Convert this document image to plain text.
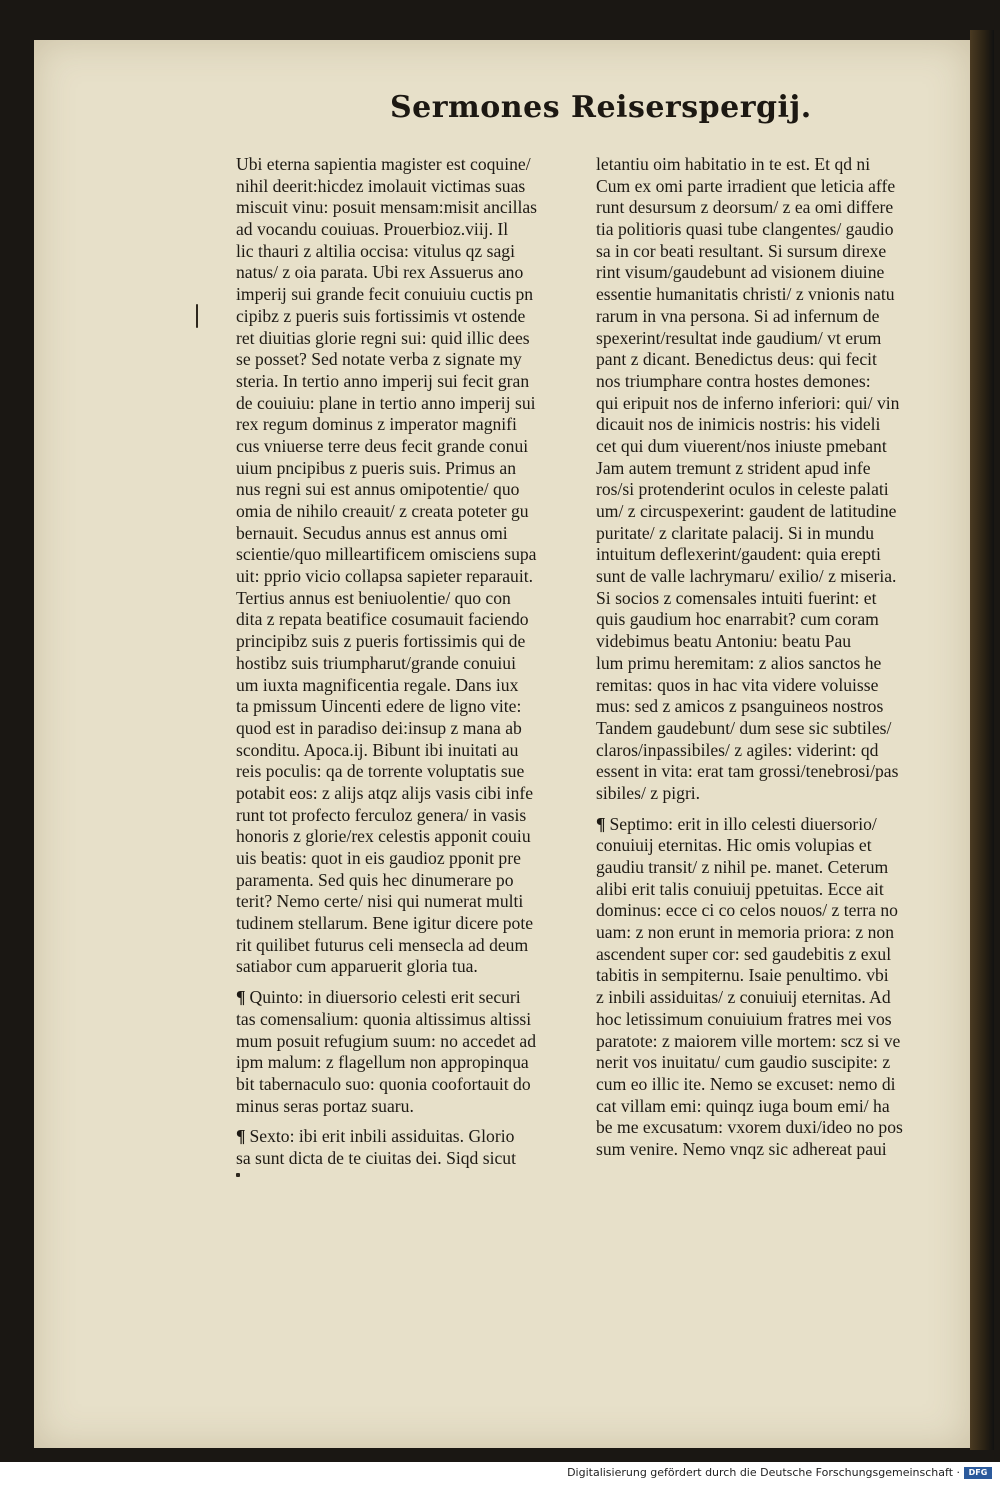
Sermones Reiserspergij.
Ubi eterna sapientia magister est coquine/
nihil deerit:hicdez imolauit victimas suas
miscuit vinu: posuit mensam:misit ancillas
ad vocandu couiuas. Prouerbioz.viij. Il
lic thauri z altilia occisa: vitulus qz sagi
natus/ z oia parata. Ubi rex Assuerus ano
imperij sui grande fecit conuiuiu cuctis pn
cipibz z pueris suis fortissimis vt ostende
ret diuitias glorie regni sui: quid illic dees
se posset? Sed notate verba z signate my
steria. In tertio anno imperij sui fecit gran
de couiuiu: plane in tertio anno imperij sui
rex regum dominus z imperator magnifi
cus vniuerse terre deus fecit grande conui
uium pncipibus z pueris suis. Primus an
nus regni sui est annus omipotentie/ quo
omia de nihilo creauit/ z creata poteter gu
bernauit. Secudus annus est annus omi
scientie/quo milleartificem omisciens supa
uit: pprio vicio collapsa sapieter reparauit.
Tertius annus est beniuolentie/ quo con
dita z repata beatifice cosumauit faciendo
principibz suis z pueris fortissimis qui de
hostibz suis triumpharut/grande conuiui
um iuxta magnificentia regale. Dans iux
ta pmissum Uincenti edere de ligno vite:
quod est in paradiso dei:insup z mana ab
sconditu. Apoca.ij. Bibunt ibi inuitati au
reis poculis: qa de torrente voluptatis sue
potabit eos: z alijs atqz alijs vasis cibi infe
runt tot profecto ferculoz genera/ in vasis
honoris z glorie/rex celestis apponit couiu
uis beatis: quot in eis gaudioz pponit pre
paramenta. Sed quis hec dinumerare po
terit? Nemo certe/ nisi qui numerat multi
tudinem stellarum. Bene igitur dicere pote
rit quilibet futurus celi mensecla ad deum
satiabor cum apparuerit gloria tua.
¶ Quinto: in diuersorio celesti erit securi
tas comensalium: quonia altissimus altissi
mum posuit refugium suum: no accedet ad
ipm malum: z flagellum non appropinqua
bit tabernaculo suo: quonia coofortauit do
minus seras portaz suaru.
¶ Sexto: ibi erit inbili assiduitas. Glorio
sa sunt dicta de te ciuitas dei. Siqd sicut
letantiu oim habitatio in te est. Et qd ni
Cum ex omi parte irradient que leticia affe
runt desursum z deorsum/ z ea omi differe
tia politioris quasi tube clangentes/ gaudio
sa in cor beati resultant. Si sursum direxe
rint visum/gaudebunt ad visionem diuine
essentie humanitatis christi/ z vnionis natu
rarum in vna persona. Si ad infernum de
spexerint/resultat inde gaudium/ vt erum
pant z dicant. Benedictus deus: qui fecit
nos triumphare contra hostes demones:
qui eripuit nos de inferno inferiori: qui/ vin
dicauit nos de inimicis nostris: his videli
cet qui dum viuerent/nos iniuste pmebant
Jam autem tremunt z strident apud infe
ros/si protenderint oculos in celeste palati
um/ z circuspexerint: gaudent de latitudine
puritate/ z claritate palacij. Si in mundu
intuitum deflexerint/gaudent: quia erepti
sunt de valle lachrymaru/ exilio/ z miseria.
Si socios z comensales intuiti fuerint: et
quis gaudium hoc enarrabit? cum coram
videbimus beatu Antoniu: beatu Pau
lum primu heremitam: z alios sanctos he
remitas: quos in hac vita videre voluisse
mus: sed z amicos z psanguineos nostros
Tandem gaudebunt/ dum sese sic subtiles/
claros/inpassibiles/ z agiles: viderint: qd
essent in vita: erat tam grossi/tenebrosi/pas
sibiles/ z pigri.
¶ Septimo: erit in illo celesti diuersorio/
conuiuij eternitas. Hic omis volupias et
gaudiu transit/ z nihil pe. manet. Ceterum
alibi erit talis conuiuij ppetuitas. Ecce ait
dominus: ecce ci co celos nouos/ z terra no
uam: z non erunt in memoria priora: z non
ascendent super cor: sed gaudebitis z exul
tabitis in sempiternu. Isaie penultimo. vbi
z inbili assiduitas/ z conuiuij eternitas. Ad
hoc letissimum conuiuium fratres mei vos
paratote: z maiorem ville mortem: scz si ve
nerit vos inuitatu/ cum gaudio suscipite: z
cum eo illic ite. Nemo se excuset: nemo di
cat villam emi: quinqz iuga boum emi/ ha
be me excusatum: vxorem duxi/ideo no pos
sum venire. Nemo vnqz sic adhereat paui
Digitalisierung gefördert durch die Deutsche Forschungsgemeinschaft ·	DFG
